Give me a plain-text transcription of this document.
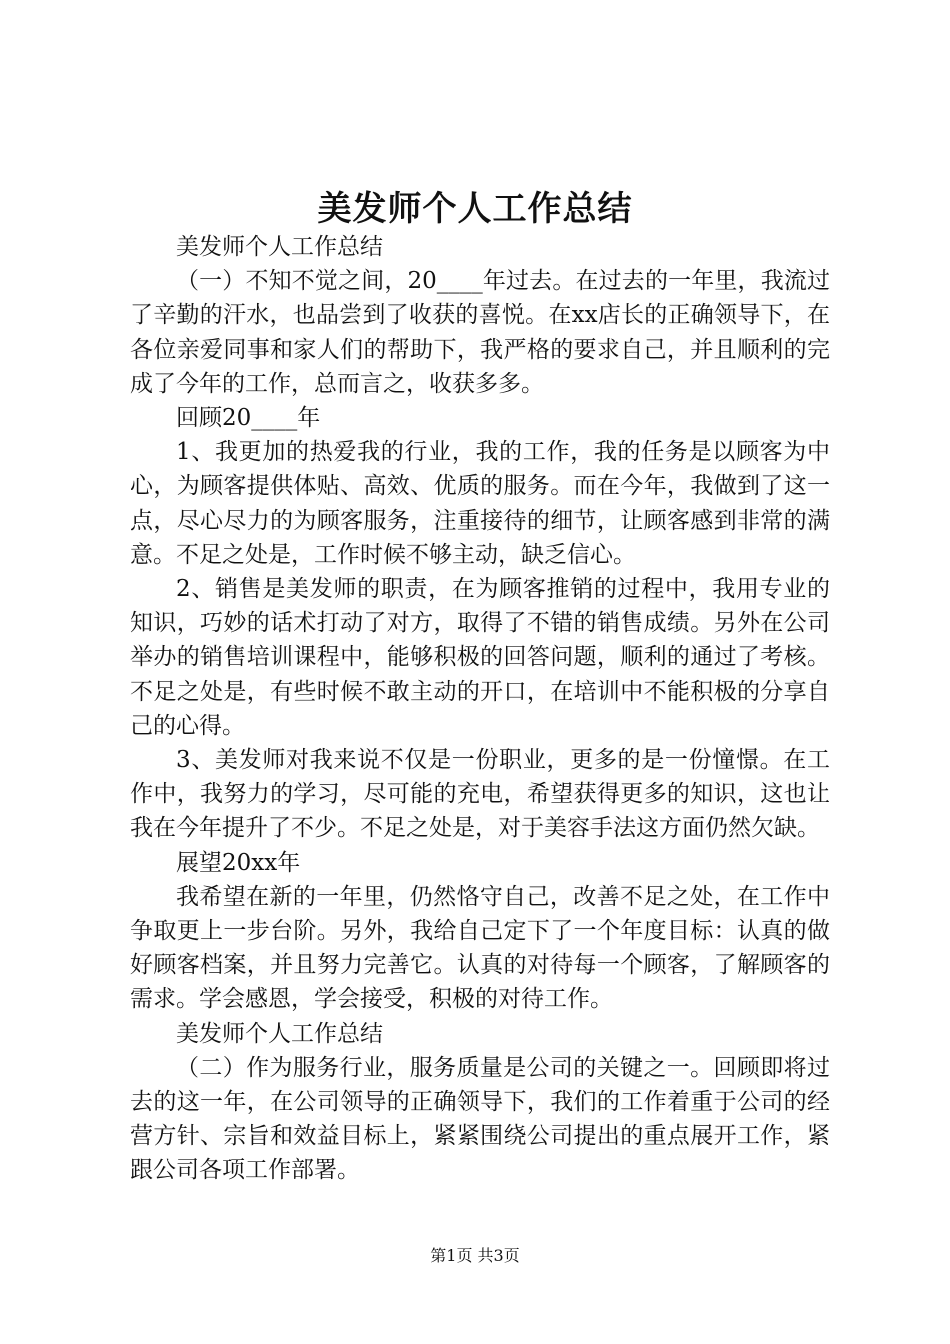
美发师个人工作总结

美发师个人工作总结

（一）不知不觉之间，20____年过去。在过去的一年里，我流过了辛勤的汗水，也品尝到了收获的喜悦。在xx店长的正确领导下，在各位亲爱同事和家人们的帮助下，我严格的要求自己，并且顺利的完成了今年的工作，总而言之，收获多多。

回顾20____年

1、我更加的热爱我的行业，我的工作，我的任务是以顾客为中心，为顾客提供体贴、高效、优质的服务。而在今年，我做到了这一点，尽心尽力的为顾客服务，注重接待的细节，让顾客感到非常的满意。不足之处是，工作时候不够主动，缺乏信心。

2、销售是美发师的职责，在为顾客推销的过程中，我用专业的知识，巧妙的话术打动了对方，取得了不错的销售成绩。另外在公司举办的销售培训课程中，能够积极的回答问题，顺利的通过了考核。不足之处是，有些时候不敢主动的开口，在培训中不能积极的分享自己的心得。

3、美发师对我来说不仅是一份职业，更多的是一份憧憬。在工作中，我努力的学习，尽可能的充电，希望获得更多的知识，这也让我在今年提升了不少。不足之处是，对于美容手法这方面仍然欠缺。

展望20xx年

我希望在新的一年里，仍然恪守自己，改善不足之处，在工作中争取更上一步台阶。另外，我给自己定下了一个年度目标：认真的做好顾客档案，并且努力完善它。认真的对待每一个顾客，了解顾客的需求。学会感恩，学会接受，积极的对待工作。

美发师个人工作总结

（二）作为服务行业，服务质量是公司的关键之一。回顾即将过去的这一年，在公司领导的正确领导下，我们的工作着重于公司的经营方针、宗旨和效益目标上，紧紧围绕公司提出的重点展开工作，紧跟公司各项工作部署。

第1页 共3页
